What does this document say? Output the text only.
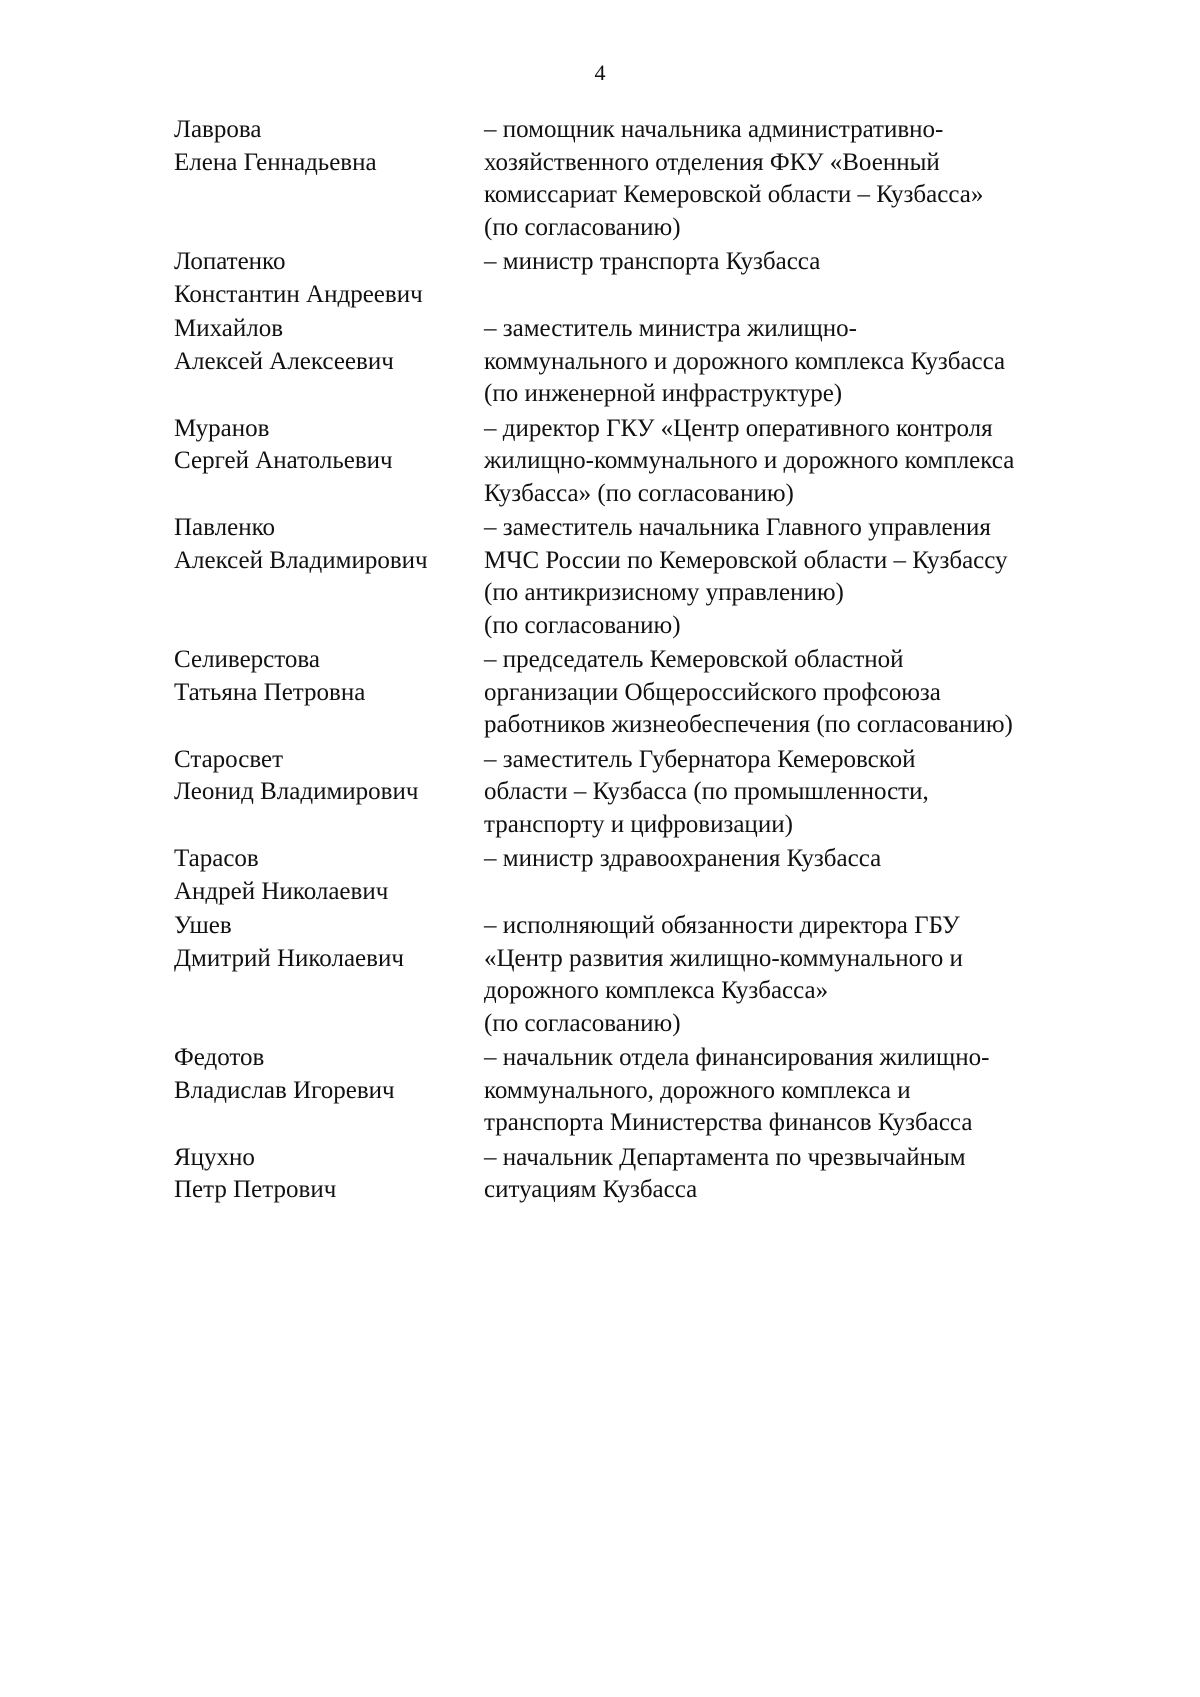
4
Лаврова
Елена Геннадьевна
– помощник начальника административно-
хозяйственного отделения ФКУ «Военный
комиссариат Кемеровской области – Кузбасса»
(по согласованию)
Лопатенко
Константин Андреевич
– министр транспорта Кузбасса
Михайлов
Алексей Алексеевич
– заместитель министра жилищно-
коммунального и дорожного комплекса Кузбасса
(по инженерной инфраструктуре)
Муранов
Сергей Анатольевич
– директор ГКУ «Центр оперативного контроля
жилищно-коммунального и дорожного комплекса
Кузбасса» (по согласованию)
Павленко
Алексей Владимирович
– заместитель начальника Главного управления
МЧС России по Кемеровской области – Кузбассу
(по антикризисному управлению)
(по согласованию)
Селиверстова
Татьяна Петровна
– председатель Кемеровской областной
организации Общероссийского профсоюза
работников жизнеобеспечения (по согласованию)
Старосвет
Леонид Владимирович
– заместитель Губернатора Кемеровской
области – Кузбасса (по промышленности,
транспорту и цифровизации)
Тарасов
Андрей Николаевич
– министр здравоохранения Кузбасса
Ушев
Дмитрий Николаевич
– исполняющий обязанности директора ГБУ
«Центр развития жилищно-коммунального и
дорожного комплекса Кузбасса»
(по согласованию)
Федотов
Владислав Игоревич
– начальник отдела финансирования жилищно-
коммунального, дорожного комплекса и
транспорта Министерства финансов Кузбасса
Яцухно
Петр Петрович
– начальник Департамента по чрезвычайным
ситуациям Кузбасса
